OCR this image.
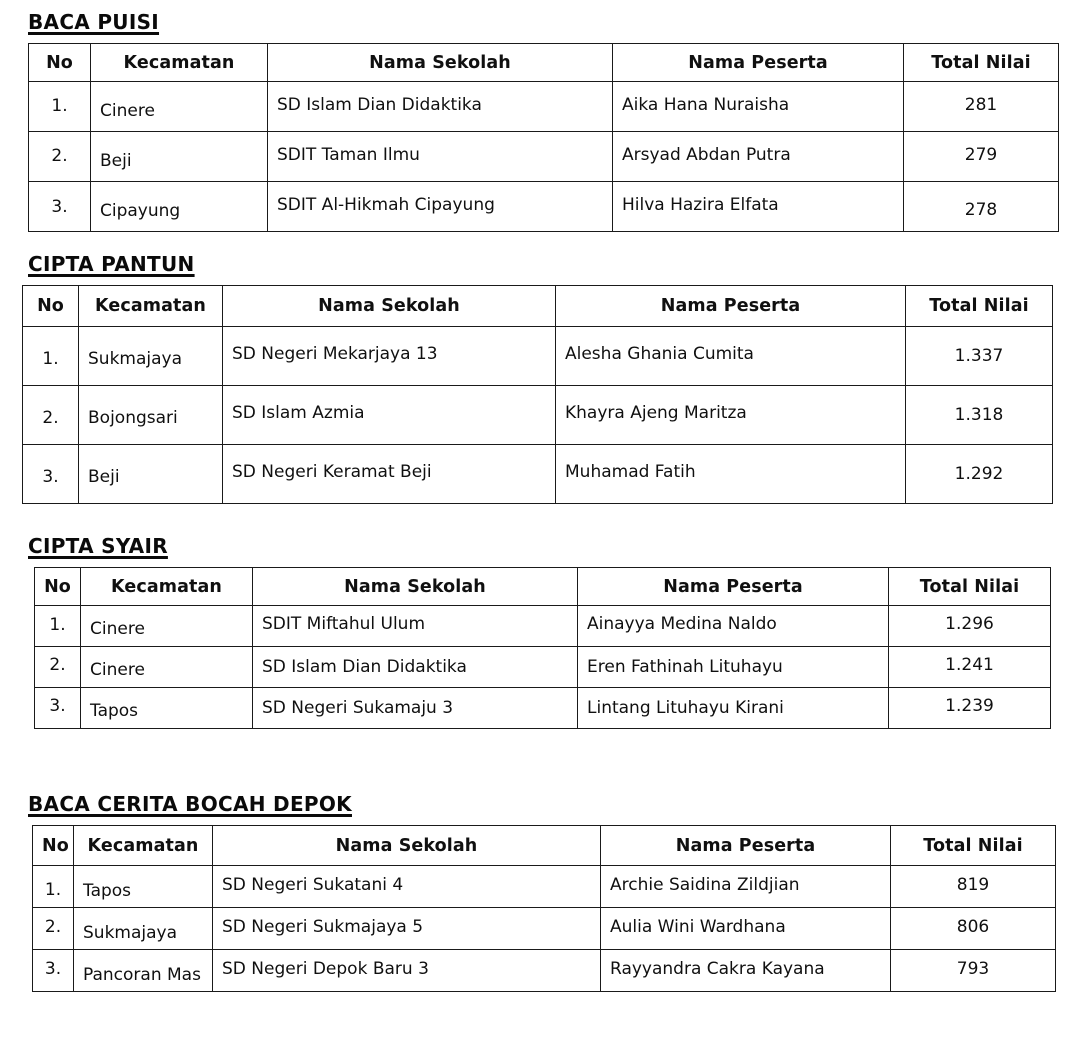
BACA PUISI
No	Kecamatan	Nama Sekolah	Nama Peserta	Total Nilai
1.	Cinere	SD Islam Dian Didaktika	Aika Hana Nuraisha	281
2.	Beji	SDIT Taman Ilmu	Arsyad Abdan Putra	279
3.	Cipayung	SDIT Al-Hikmah Cipayung	Hilva Hazira Elfata	278
CIPTA PANTUN
No	Kecamatan	Nama Sekolah	Nama Peserta	Total Nilai
1.	Sukmajaya	SD Negeri Mekarjaya 13	Alesha Ghania Cumita	1.337
2.	Bojongsari	SD Islam Azmia	Khayra Ajeng Maritza	1.318
3.	Beji	SD Negeri Keramat Beji	Muhamad Fatih	1.292
CIPTA SYAIR
No	Kecamatan	Nama Sekolah	Nama Peserta	Total Nilai
1.	Cinere	SDIT Miftahul Ulum	Ainayya Medina Naldo	1.296
2.	Cinere	SD Islam Dian Didaktika	Eren Fathinah Lituhayu	1.241
3.	Tapos	SD Negeri Sukamaju 3	Lintang Lituhayu Kirani	1.239
BACA CERITA BOCAH DEPOK
No	Kecamatan	Nama Sekolah	Nama Peserta	Total Nilai
1.	Tapos	SD Negeri Sukatani 4	Archie Saidina Zildjian	819
2.	Sukmajaya	SD Negeri Sukmajaya 5	Aulia Wini Wardhana	806
3.	Pancoran Mas	SD Negeri Depok Baru 3	Rayyandra Cakra Kayana	793
